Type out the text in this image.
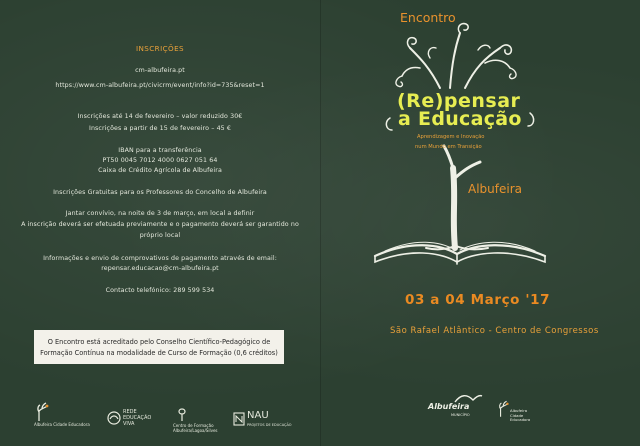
INSCRIÇÕES
cm-albufeira.pt
https://www.cm-albufeira.pt/civicrm/event/info?id=735&reset=1
Inscrições até 14 de fevereiro – valor reduzido 30€
Inscrições a partir de 15 de fevereiro – 45 €
IBAN para a transferência
PT50 0045 7012 4000 0627 051 64
Caixa de Crédito Agrícola de Albufeira
Inscrições Gratuitas para os Professores do Concelho de Albufeira
Jantar convívio, na noite de 3 de março, em local a definir
A inscrição deverá ser efetuada previamente e o pagamento deverá ser garantido no
próprio local
Informações e envio de comprovativos de pagamento através de email:
repensar.educacao@cm-albufeira.pt
Contacto telefónico: 289 599 534
O Encontro está acreditado pelo Conselho Científico-Pedagógico de
Formação Contínua na modalidade de Curso de Formação (0,6 créditos)
Albufeira Cidade Educadora
REDE
EDUCAÇÃO
VIVA	Centro de Formação
Albufeira/Lagoa/Silves
NAU
PROJETOS DE EDUCAÇÃO
Encontro
(Re)pensar
a Educação
Aprendizagem e Inovação
num Mundo em Transição
Albufeira
03 a 04 Março '17
São Rafael Atlântico - Centro de Congressos
Albufeira
MUNICÍPIO
Albufeira Cidade Educadora
